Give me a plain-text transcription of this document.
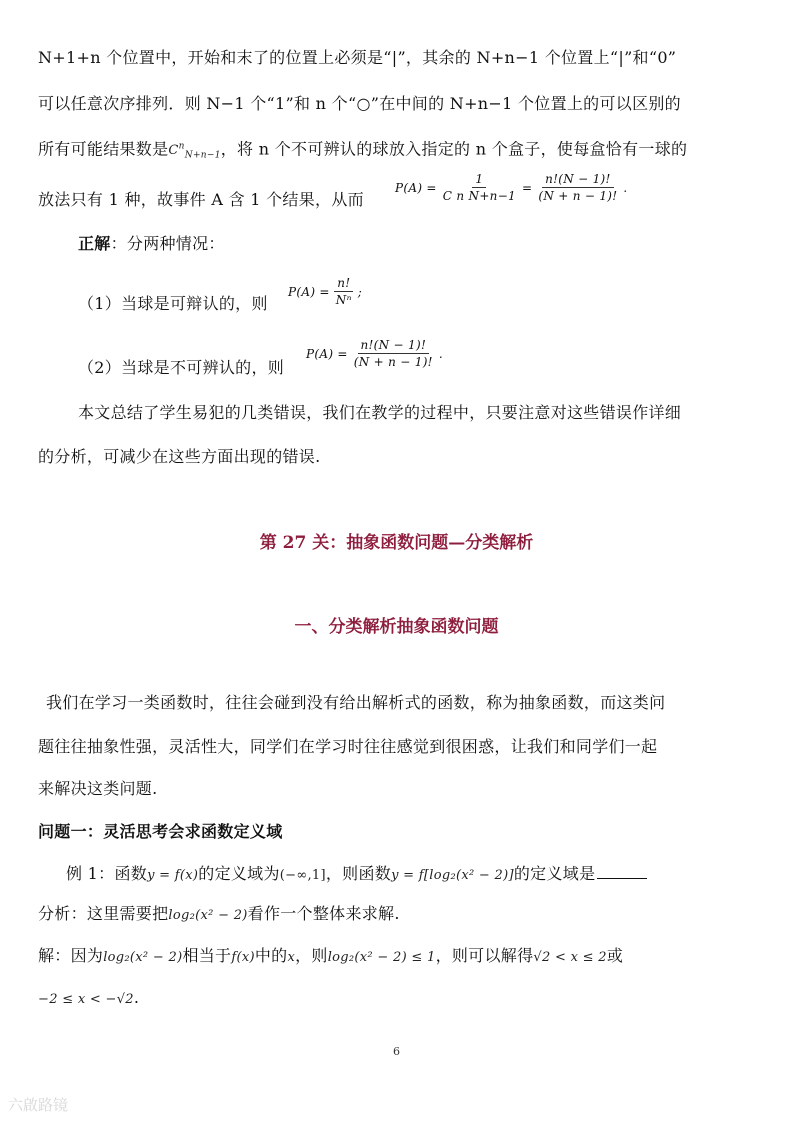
N+1+n 个位置中，开始和末了的位置上必须是“|”，其余的 N+n−1 个位置上“|”和“0”
可以任意次序排列．则 N−1 个“1”和 n 个“○”在中间的 N+n−1 个位置上的可以区别的
所有可能结果数是$C^n_{N+n-1}$，将 n 个不可辨认的球放入指定的 n 个盒子，使每盒恰有一球的
放法只有 1 种，故事件 A 含 1 个结果，从而
$P(A) = \frac{1}{\text{C n N+n−1}} = \frac{n!(N - 1)!}{(N + n - 1)!}$ .
正解：分两种情况：
（1）当球是可辩认的，则
$P(A) = \frac{n!}{\text{Nⁿ}}$ ;
（2）当球是不可辨认的，则
$P(A) = \frac{n!(N - 1)!}{(N + n - 1)!}$ .
本文总结了学生易犯的几类错误，我们在教学的过程中，只要注意对这些错误作详细
的分析，可减少在这些方面出现的错误.
第 27 关：抽象函数问题—分类解析
一、分类解析抽象函数问题
我们在学习一类函数时，往往会碰到没有给出解析式的函数，称为抽象函数，而这类问
题往往抽象性强，灵活性大，同学们在学习时往往感觉到很困惑，让我们和同学们一起
来解决这类问题.
问题一：灵活思考会求函数定义域
例 1：函数y = f(x)的定义域为(−∞,1]，则函数y = f[log₂(x² − 2)]的定义域是
分析：这里需要把log₂(x² − 2)看作一个整体来求解.
解：因为log₂(x² − 2)相当于f(x)中的x，则log₂(x² − 2) ≤ 1，则可以解得√2 < x ≤ 2或
−2 ≤ x < −√2.
6
六啟路镜
